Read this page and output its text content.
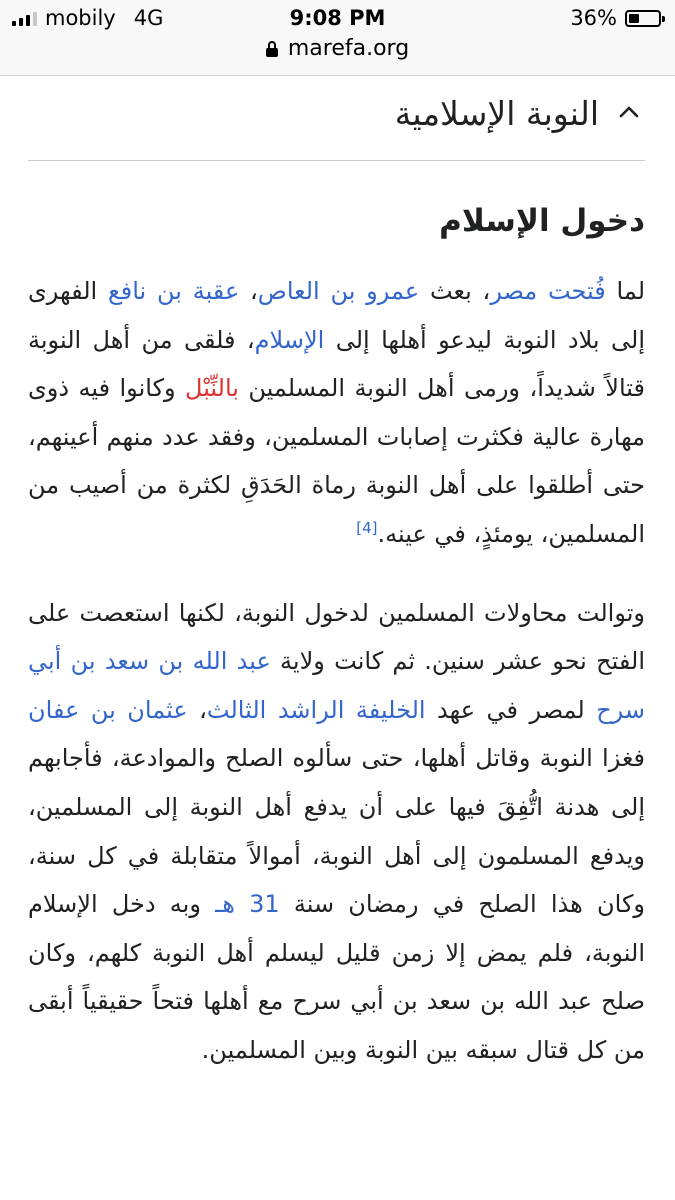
mobily 4G	9:08 PM	36%
marefa.org
النوبة الإسلامية
دخول الإسلام

لما فُتحت مصر، بعث عمرو بن العاص، عقبة بن نافع الفهرى إلى بلاد النوبة ليدعو أهلها إلى الإسلام، فلقى من أهل النوبة قتالاً شديداً، ورمى أهل النوبة المسلمين بالنِّبْل وكانوا فيه ذوى مهارة عالية فكثرت إصابات المسلمين، وفقد عدد منهم أعينهم، حتى أطلقوا على أهل النوبة رماة الحَدَقِ لكثرة من أصيب من المسلمين، يومئذٍ، في عينه.[4]

وتوالت محاولات المسلمين لدخول النوبة، لكنها استعصت على الفتح نحو عشر سنين. ثم كانت ولاية عبد الله بن سعد بن أبي سرح لمصر في عهد الخليفة الراشد الثالث، عثمان بن عفان فغزا النوبة وقاتل أهلها، حتى سألوه الصلح والموادعة، فأجابهم إلى هدنة اتُّفِقَ فيها على أن يدفع أهل النوبة إلى المسلمين، ويدفع المسلمون إلى أهل النوبة، أموالاً متقابلة في كل سنة، وكان هذا الصلح في رمضان سنة 31 هـ وبه دخل الإسلام النوبة، فلم يمض إلا زمن قليل ليسلم أهل النوبة كلهم، وكان صلح عبد الله بن سعد بن أبي سرح مع أهلها فتحاً حقيقياً أبقى من كل قتال سبقه بين النوبة وبين المسلمين.
